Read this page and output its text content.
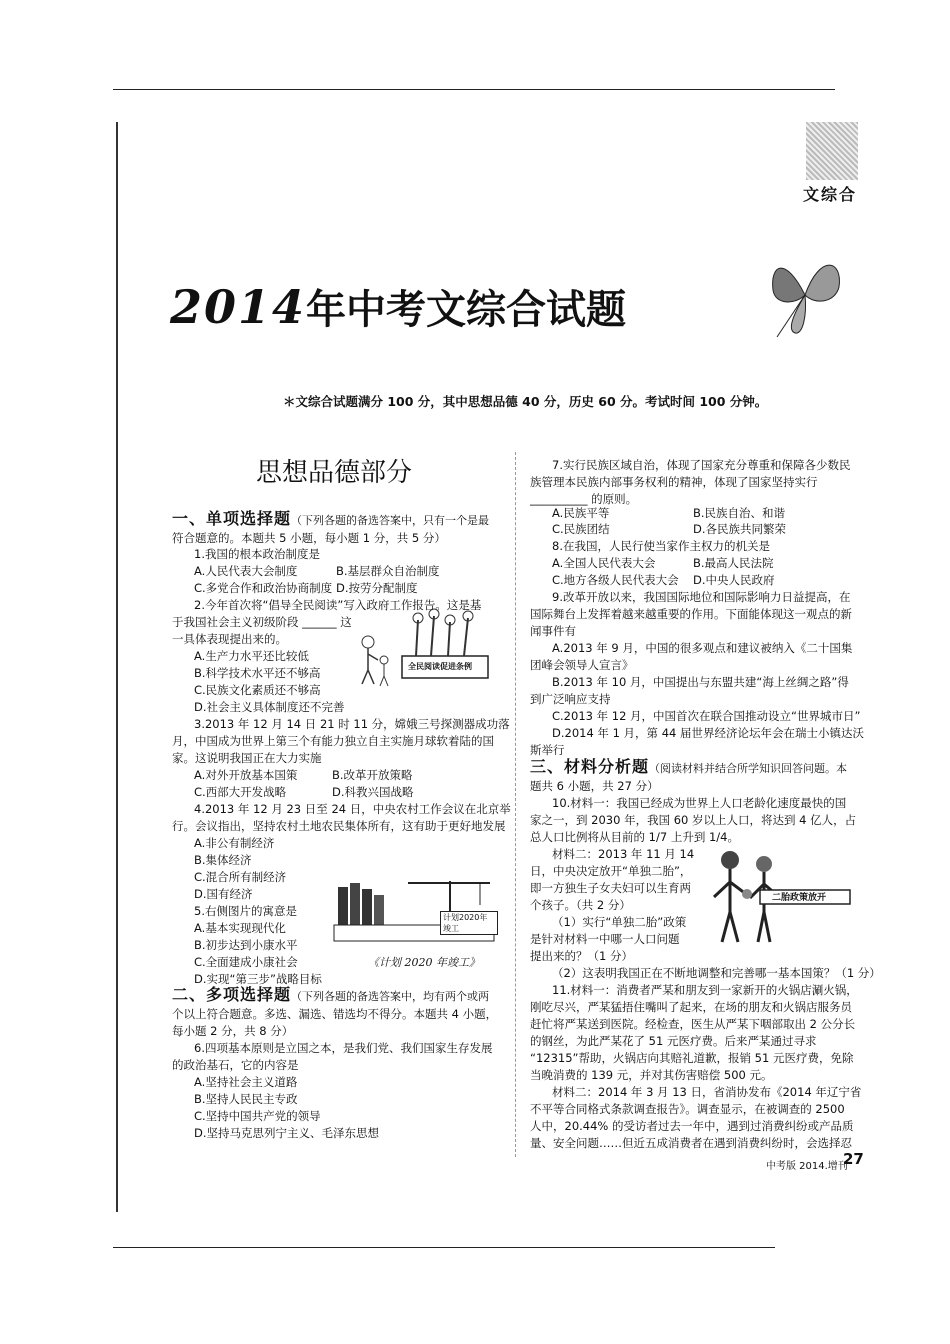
文综合
2014年中考文综合试题
＊文综合试题满分 100 分，其中思想品德 40 分，历史 60 分。考试时间 100 分钟。
思想品德部分
一、单项选择题（下列各题的备选答案中，只有一个是最
符合题意的。本题共 5 小题，每小题 1 分，共 5 分）
1.我国的根本政治制度是
A.人民代表大会制度	B.基层群众自治制度
C.多党合作和政治协商制度 D.按劳分配制度
2.今年首次将“倡导全民阅读”写入政府工作报告。这是基
于我国社会主义初级阶段 ______ 这
一具体表现提出来的。
A.生产力水平还比较低
B.科学技术水平还不够高
C.民族文化素质还不够高
D.社会主义具体制度还不完善
全民阅读促进条例
3.2013 年 12 月 14 日 21 时 11 分，嫦娥三号探测器成功落
月，中国成为世界上第三个有能力独立自主实施月球软着陆的国
家。这说明我国正在大力实施
A.对外开放基本国策	B.改革开放策略
C.西部大开发战略	D.科教兴国战略
4.2013 年 12 月 23 日至 24 日，中央农村工作会议在北京举
行。会议指出，坚持农村土地农民集体所有，这有助于更好地发展
A.非公有制经济
B.集体经济
C.混合所有制经济
D.国有经济
5.右侧图片的寓意是
A.基本实现现代化
B.初步达到小康水平
C.全面建成小康社会
D.实现“第三步”战略目标
计划2020年竣工
《计划 2020 年竣工》
二、多项选择题（下列各题的备选答案中，均有两个或两
个以上符合题意。多选、漏选、错选均不得分。本题共 4 小题，
每小题 2 分，共 8 分）
6.四项基本原则是立国之本，是我们党、我们国家生存发展
的政治基石，它的内容是
A.坚持社会主义道路
B.坚持人民民主专政
C.坚持中国共产党的领导
D.坚持马克思列宁主义、毛泽东思想
7.实行民族区域自治，体现了国家充分尊重和保障各少数民
族管理本民族内部事务权利的精神，体现了国家坚持实行
__________ 的原则。
A.民族平等	B.民族自治、和谐
C.民族团结	D.各民族共同繁荣
8.在我国，人民行使当家作主权力的机关是
A.全国人民代表大会	B.最高人民法院
C.地方各级人民代表大会 D.中央人民政府
9.改革开放以来，我国国际地位和国际影响力日益提高，在
国际舞台上发挥着越来越重要的作用。下面能体现这一观点的新
闻事件有
A.2013 年 9 月，中国的很多观点和建议被纳入《二十国集
团峰会领导人宣言》
B.2013 年 10 月，中国提出与东盟共建“海上丝绸之路”得
到广泛响应支持
C.2013 年 12 月，中国首次在联合国推动设立“世界城市日”
D.2014 年 1 月，第 44 届世界经济论坛年会在瑞士小镇达沃
斯举行
三、材料分析题（阅读材料并结合所学知识回答问题。本
题共 6 小题，共 27 分）
10.材料一：我国已经成为世界上人口老龄化速度最快的国
家之一，到 2030 年，我国 60 岁以上人口，将达到 4 亿人，占
总人口比例将从目前的 1/7 上升到 1/4。
材料二：2013 年 11 月 14
日，中央决定放开“单独二胎”，
即一方独生子女夫妇可以生育两
个孩子。（共 2 分）
（1）实行“单独二胎”政策
是针对材料一中哪一人口问题
提出来的？（1 分）
（2）这表明我国正在不断地调整和完善哪一基本国策？（1 分）
二胎政策放开
11.材料一：消费者严某和朋友到一家新开的火锅店涮火锅，
刚吃尽兴，严某猛捂住嘴叫了起来，在场的朋友和火锅店服务员
赶忙将严某送到医院。经检查，医生从严某下咽部取出 2 公分长
的钢丝，为此严某花了 51 元医疗费。后来严某通过寻求
“12315”帮助，火锅店向其赔礼道歉，报销 51 元医疗费，免除
当晚消费的 139 元，并对其伤害赔偿 500 元。
材料二：2014 年 3 月 13 日，省消协发布《2014 年辽宁省
不平等合同格式条款调查报告》。调查显示，在被调查的 2500
人中，20.44% 的受访者过去一年中，遇到过消费纠纷或产品质
量、安全问题……但近五成消费者在遇到消费纠纷时，会选择忍
中考版 2014.增刊
27
